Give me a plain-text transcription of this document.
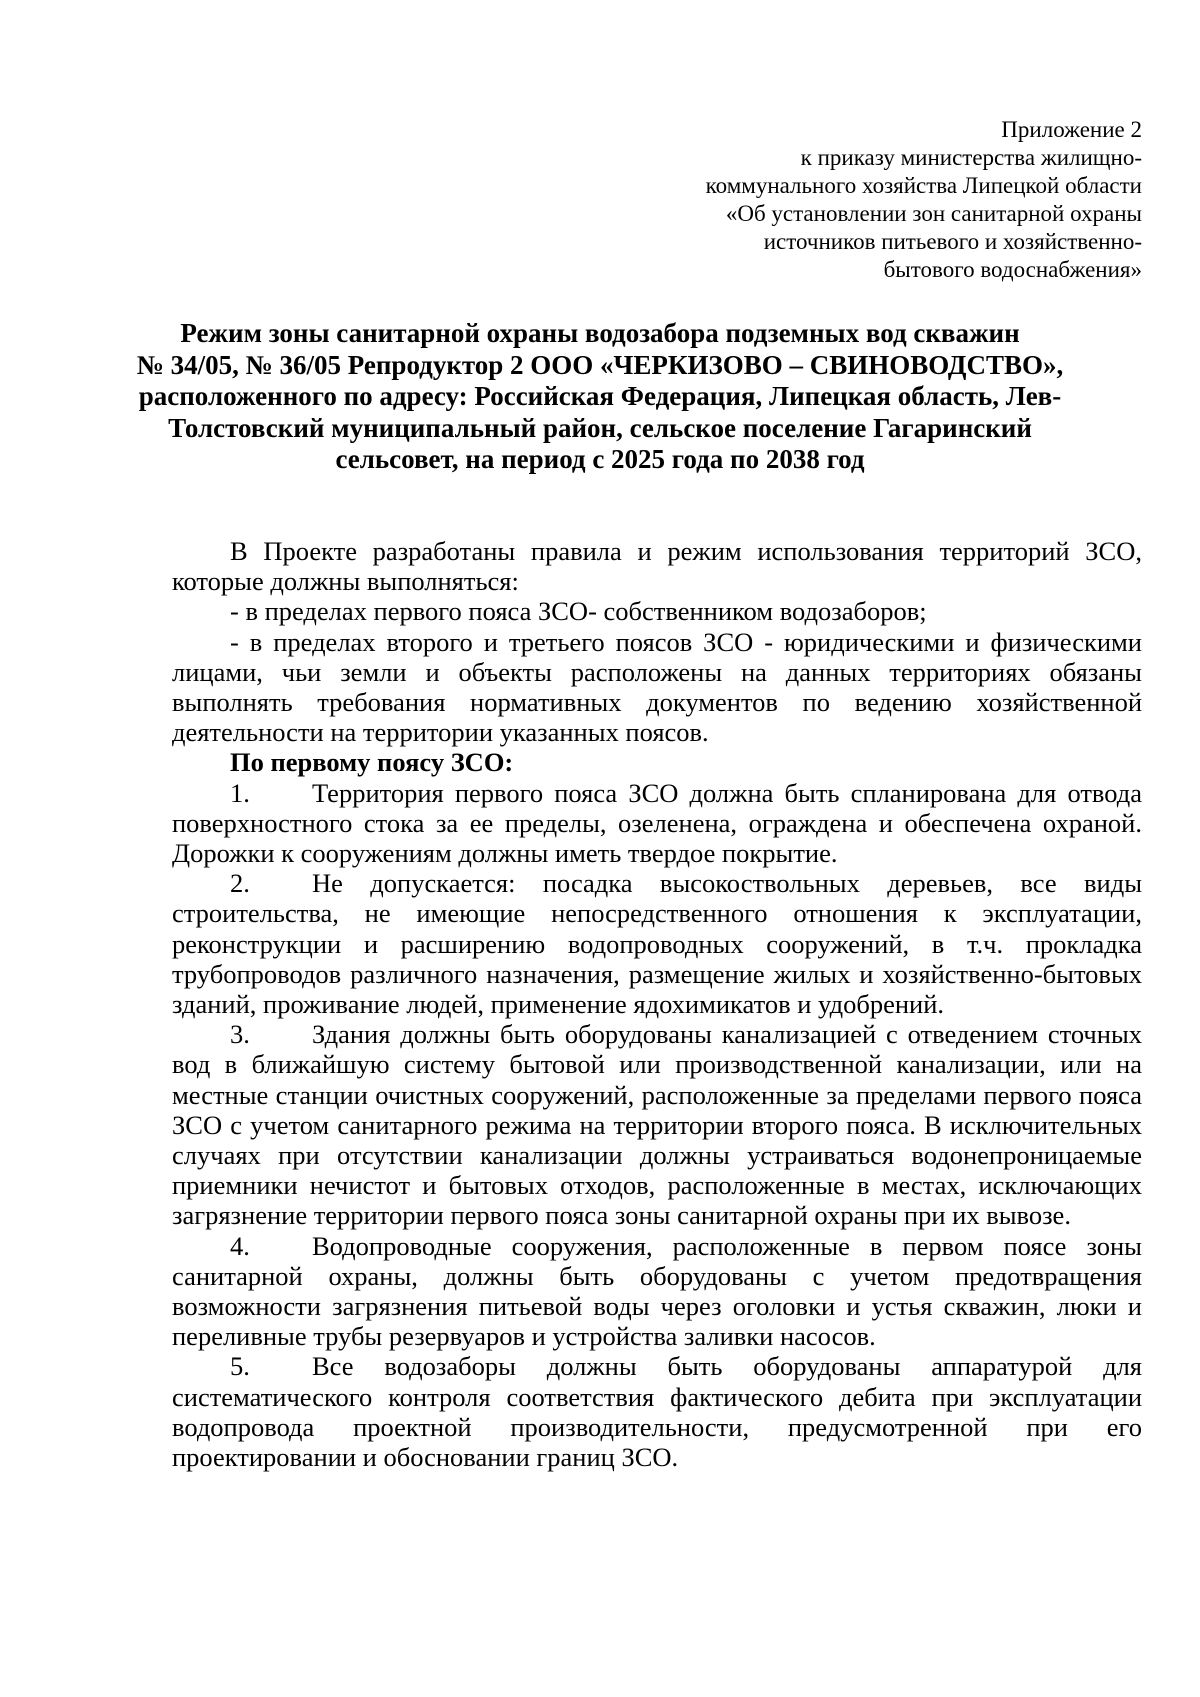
Приложение 2
к приказу министерства жилищно-
коммунального хозяйства Липецкой области
«Об установлении зон санитарной охраны
источников питьевого и хозяйственно-
бытового водоснабжения»
Режим зоны санитарной охраны водозабора подземных вод скважин
№ 34/05, № 36/05 Репродуктор 2 ООО «ЧЕРКИЗОВО – СВИНОВОДСТВО»,
расположенного по адресу: Российская Федерация, Липецкая область, Лев-
Толстовский муниципальный район, сельское поселение Гагаринский
сельсовет, на период с 2025 года по 2038 год

В Проекте разработаны правила и режим использования территорий ЗСО, которые должны выполняться:

- в пределах первого пояса ЗСО- собственником водозаборов;

- в пределах второго и третьего поясов ЗСО - юридическими и физическими лицами, чьи земли и объекты расположены на данных территориях обязаны выполнять требования нормативных документов по ведению хозяйственной деятельности на территории указанных поясов.

По первому поясу ЗСО:

1. Территория первого пояса ЗСО должна быть спланирована для отвода поверхностного стока за ее пределы, озеленена, ограждена и обеспечена охраной. Дорожки к сооружениям должны иметь твердое покрытие.

2. Не допускается: посадка высокоствольных деревьев, все виды строительства, не имеющие непосредственного отношения к эксплуатации, реконструкции и расширению водопроводных сооружений, в т.ч. прокладка трубопроводов различного назначения, размещение жилых и хозяйственно-бытовых зданий, проживание людей, применение ядохимикатов и удобрений.

3. Здания должны быть оборудованы канализацией с отведением сточных вод в ближайшую систему бытовой или производственной канализации, или на местные станции очистных сооружений, расположенные за пределами первого пояса ЗСО с учетом санитарного режима на территории второго пояса. В исключительных случаях при отсутствии канализации должны устраиваться водонепроницаемые приемники нечистот и бытовых отходов, расположенные в местах, исключающих загрязнение территории первого пояса зоны санитарной охраны при их вывозе.

4. Водопроводные сооружения, расположенные в первом поясе зоны санитарной охраны, должны быть оборудованы с учетом предотвращения возможности загрязнения питьевой воды через оголовки и устья скважин, люки и переливные трубы резервуаров и устройства заливки насосов.

5. Все водозаборы должны быть оборудованы аппаратурой для систематического контроля соответствия фактического дебита при эксплуатации водопровода проектной производительности, предусмотренной при его проектировании и обосновании границ ЗСО.
